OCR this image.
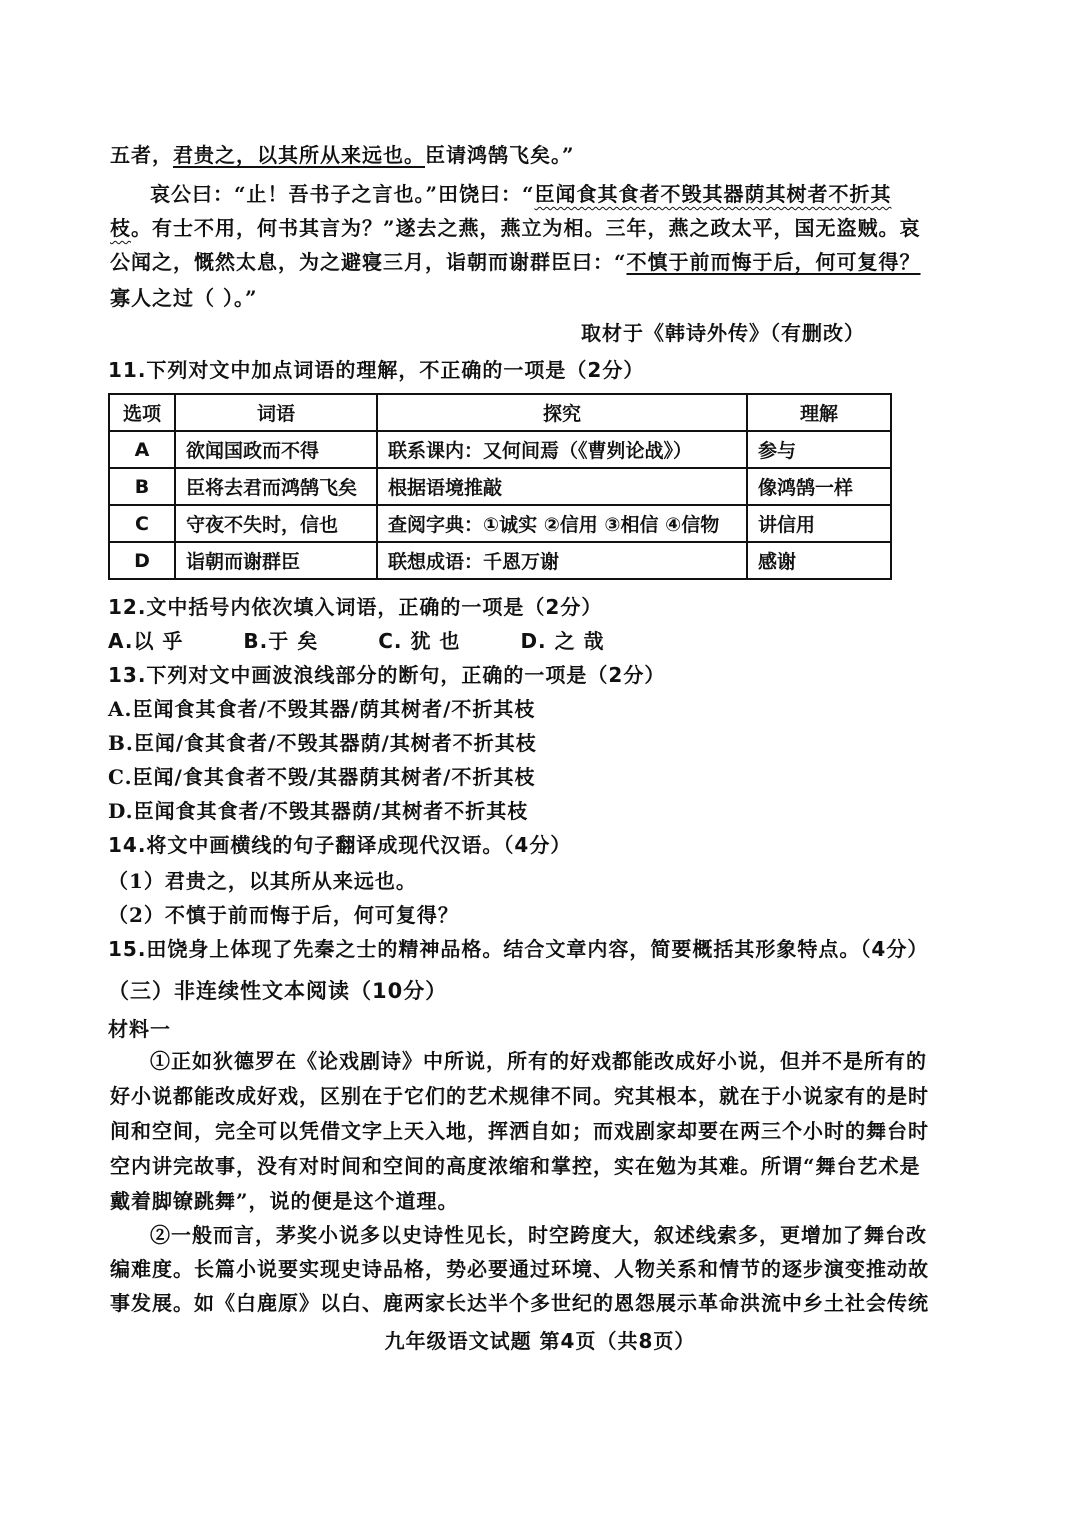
五者，君贵之，以其所从来远也。臣请鸿鹄飞矣。”
哀公曰：“止！吾书子之言也。”田饶曰：“臣闻食其食者不毁其器荫其树者不折其
枝。有士不用，何书其言为？”遂去之燕，燕立为相。三年，燕之政太平，国无盗贼。哀
公闻之，慨然太息，为之避寝三月，诣朝而谢群臣曰：“不慎于前而悔于后，何可复得？
寡人之过（ ）。”
取材于《韩诗外传》（有删改）
11.下列对文中加点词语的理解，不正确的一项是（2分）
选项	词语	探究	理解
A	欲闻国政而不得	联系课内：又何间焉（《曹刿论战》）	参与
B	臣将去君而鸿鹄飞矣	根据语境推敲	像鸿鹄一样
C	守夜不失时，信也	查阅字典：①诚实 ②信用 ③相信 ④信物	讲信用
D	诣朝而谢群臣	联想成语：千恩万谢	感谢
12.文中括号内依次填入词语，正确的一项是（2分）
A.以 乎	B.于 矣	C. 犹 也	D. 之 哉
13.下列对文中画波浪线部分的断句，正确的一项是（2分）
A.臣闻食其食者/不毁其器/荫其树者/不折其枝
B.臣闻/食其食者/不毁其器荫/其树者不折其枝
C.臣闻/食其食者不毁/其器荫其树者/不折其枝
D.臣闻食其食者/不毁其器荫/其树者不折其枝
14.将文中画横线的句子翻译成现代汉语。（4分）
（1）君贵之，以其所从来远也。
（2）不慎于前而悔于后，何可复得？
15.田饶身上体现了先秦之士的精神品格。结合文章内容，简要概括其形象特点。（4分）
（三）非连续性文本阅读（10分）
材料一
①正如狄德罗在《论戏剧诗》中所说，所有的好戏都能改成好小说，但并不是所有的
好小说都能改成好戏，区别在于它们的艺术规律不同。究其根本，就在于小说家有的是时
间和空间，完全可以凭借文字上天入地，挥洒自如；而戏剧家却要在两三个小时的舞台时
空内讲完故事，没有对时间和空间的高度浓缩和掌控，实在勉为其难。所谓“舞台艺术是
戴着脚镣跳舞”，说的便是这个道理。
②一般而言，茅奖小说多以史诗性见长，时空跨度大，叙述线索多，更增加了舞台改
编难度。长篇小说要实现史诗品格，势必要通过环境、人物关系和情节的逐步演变推动故
事发展。如《白鹿原》以白、鹿两家长达半个多世纪的恩怨展示革命洪流中乡土社会传统
九年级语文试题 第4页（共8页）
